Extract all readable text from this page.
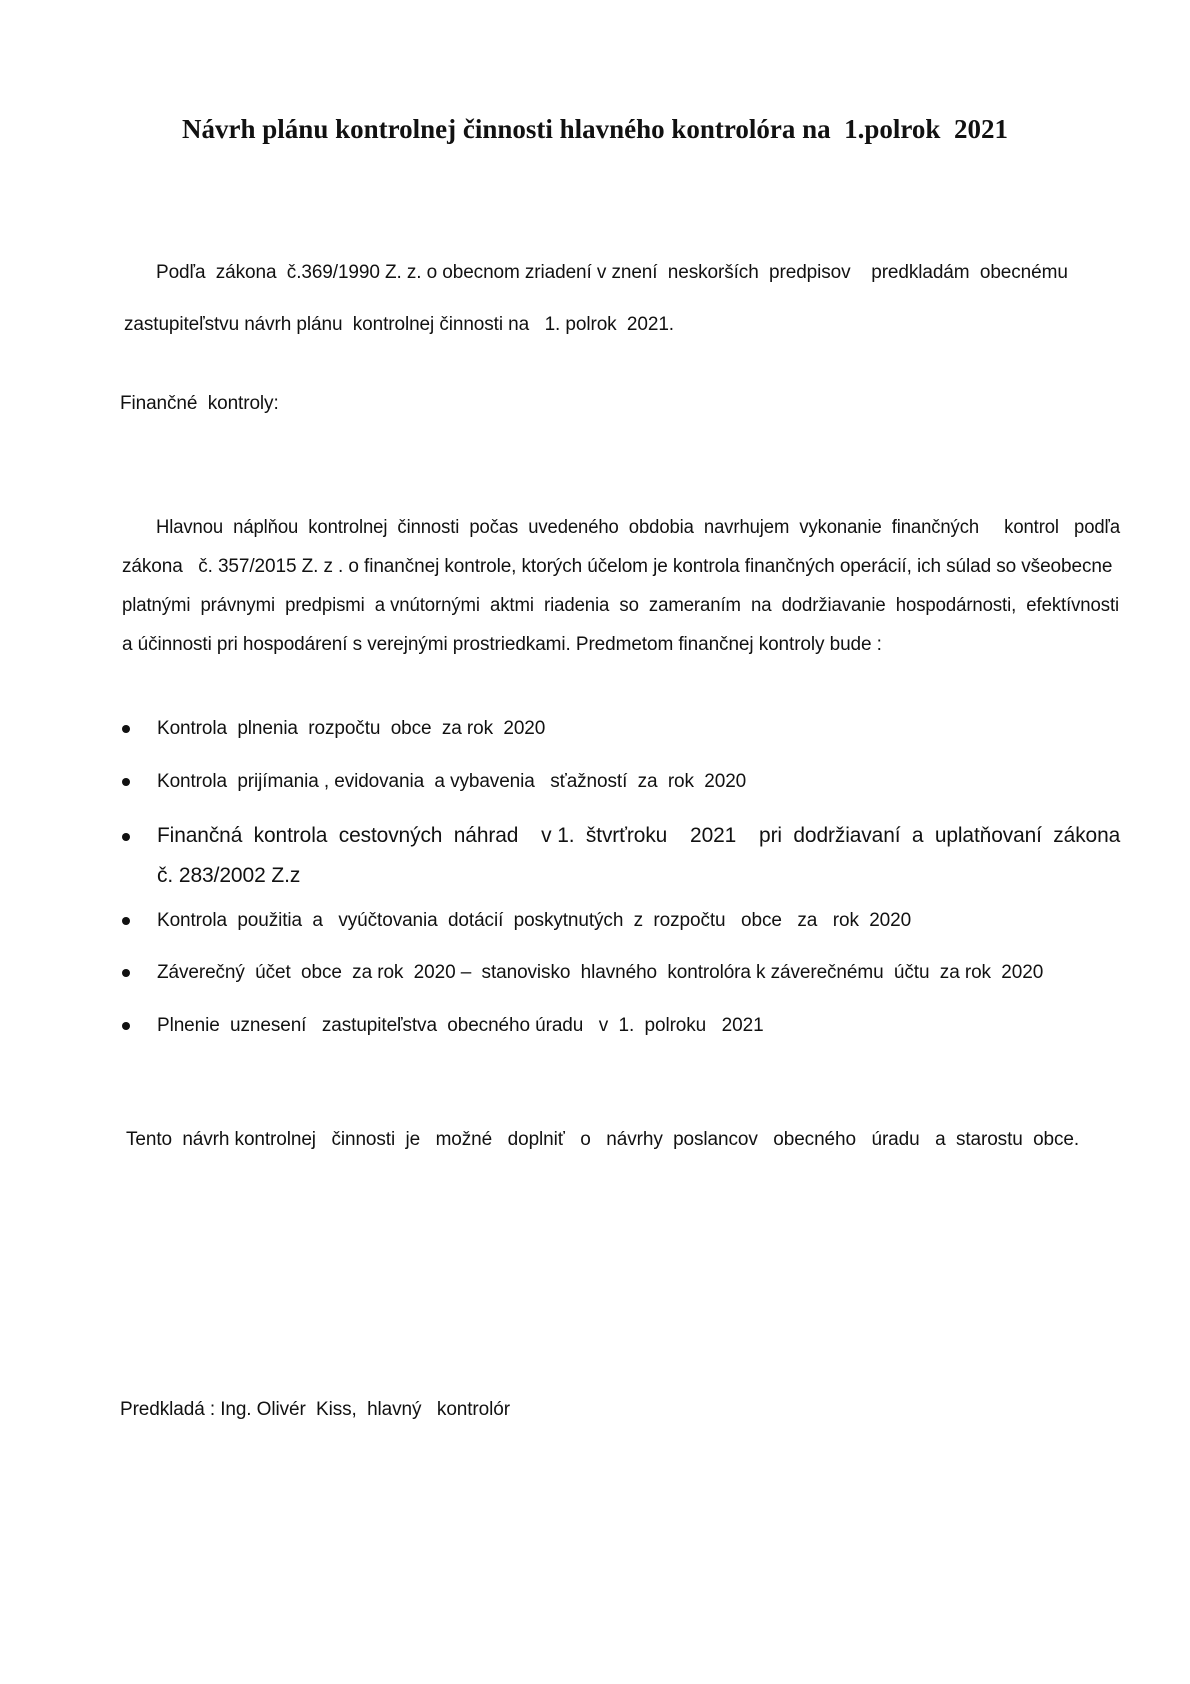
Návrh plánu kontrolnej činnosti hlavného kontrolóra na  1.polrok  2021

Podľa  zákona  č.369/1990 Z. z. o obecnom zriadení v znení  neskorších  predpisov    predkladám  obecnému

zastupiteľstvu návrh plánu  kontrolnej činnosti na   1. polrok  2021.

Finančné  kontroly:

Hlavnou  náplňou  kontrolnej  činnosti  počas  uvedeného  obdobia  navrhujem  vykonanie  finančných     kontrol   podľa

zákona   č. 357/2015 Z. z . o finančnej kontrole, ktorých účelom je kontrola finančných operácií, ich súlad so všeobecne

platnými  právnymi  predpismi  a vnútornými  aktmi  riadenia  so  zameraním  na  dodržiavanie  hospodárnosti,  efektívnosti

a účinnosti pri hospodárení s verejnými prostriedkami. Predmetom finančnej kontroly bude :

Kontrola  plnenia  rozpočtu  obce  za rok  2020

Kontrola  prijímania , evidovania  a vybavenia   sťažností  za  rok  2020

Finančná  kontrola  cestovných  náhrad    v 1.  štvrťroku    2021    pri  dodržiavaní  a  uplatňovaní  zákona

č. 283/2002 Z.z

Kontrola  použitia  a   vyúčtovania  dotácií  poskytnutých  z  rozpočtu   obce   za   rok  2020

Záverečný  účet  obce  za rok  2020 –  stanovisko  hlavného  kontrolóra k záverečnému  účtu  za rok  2020

Plnenie  uznesení   zastupiteľstva  obecného úradu   v  1.  polroku   2021

Tento  návrh kontrolnej   činnosti  je   možné   doplniť   o   návrhy  poslancov   obecného   úradu   a  starostu  obce.

Predkladá : Ing. Olivér  Kiss,  hlavný   kontrolór
